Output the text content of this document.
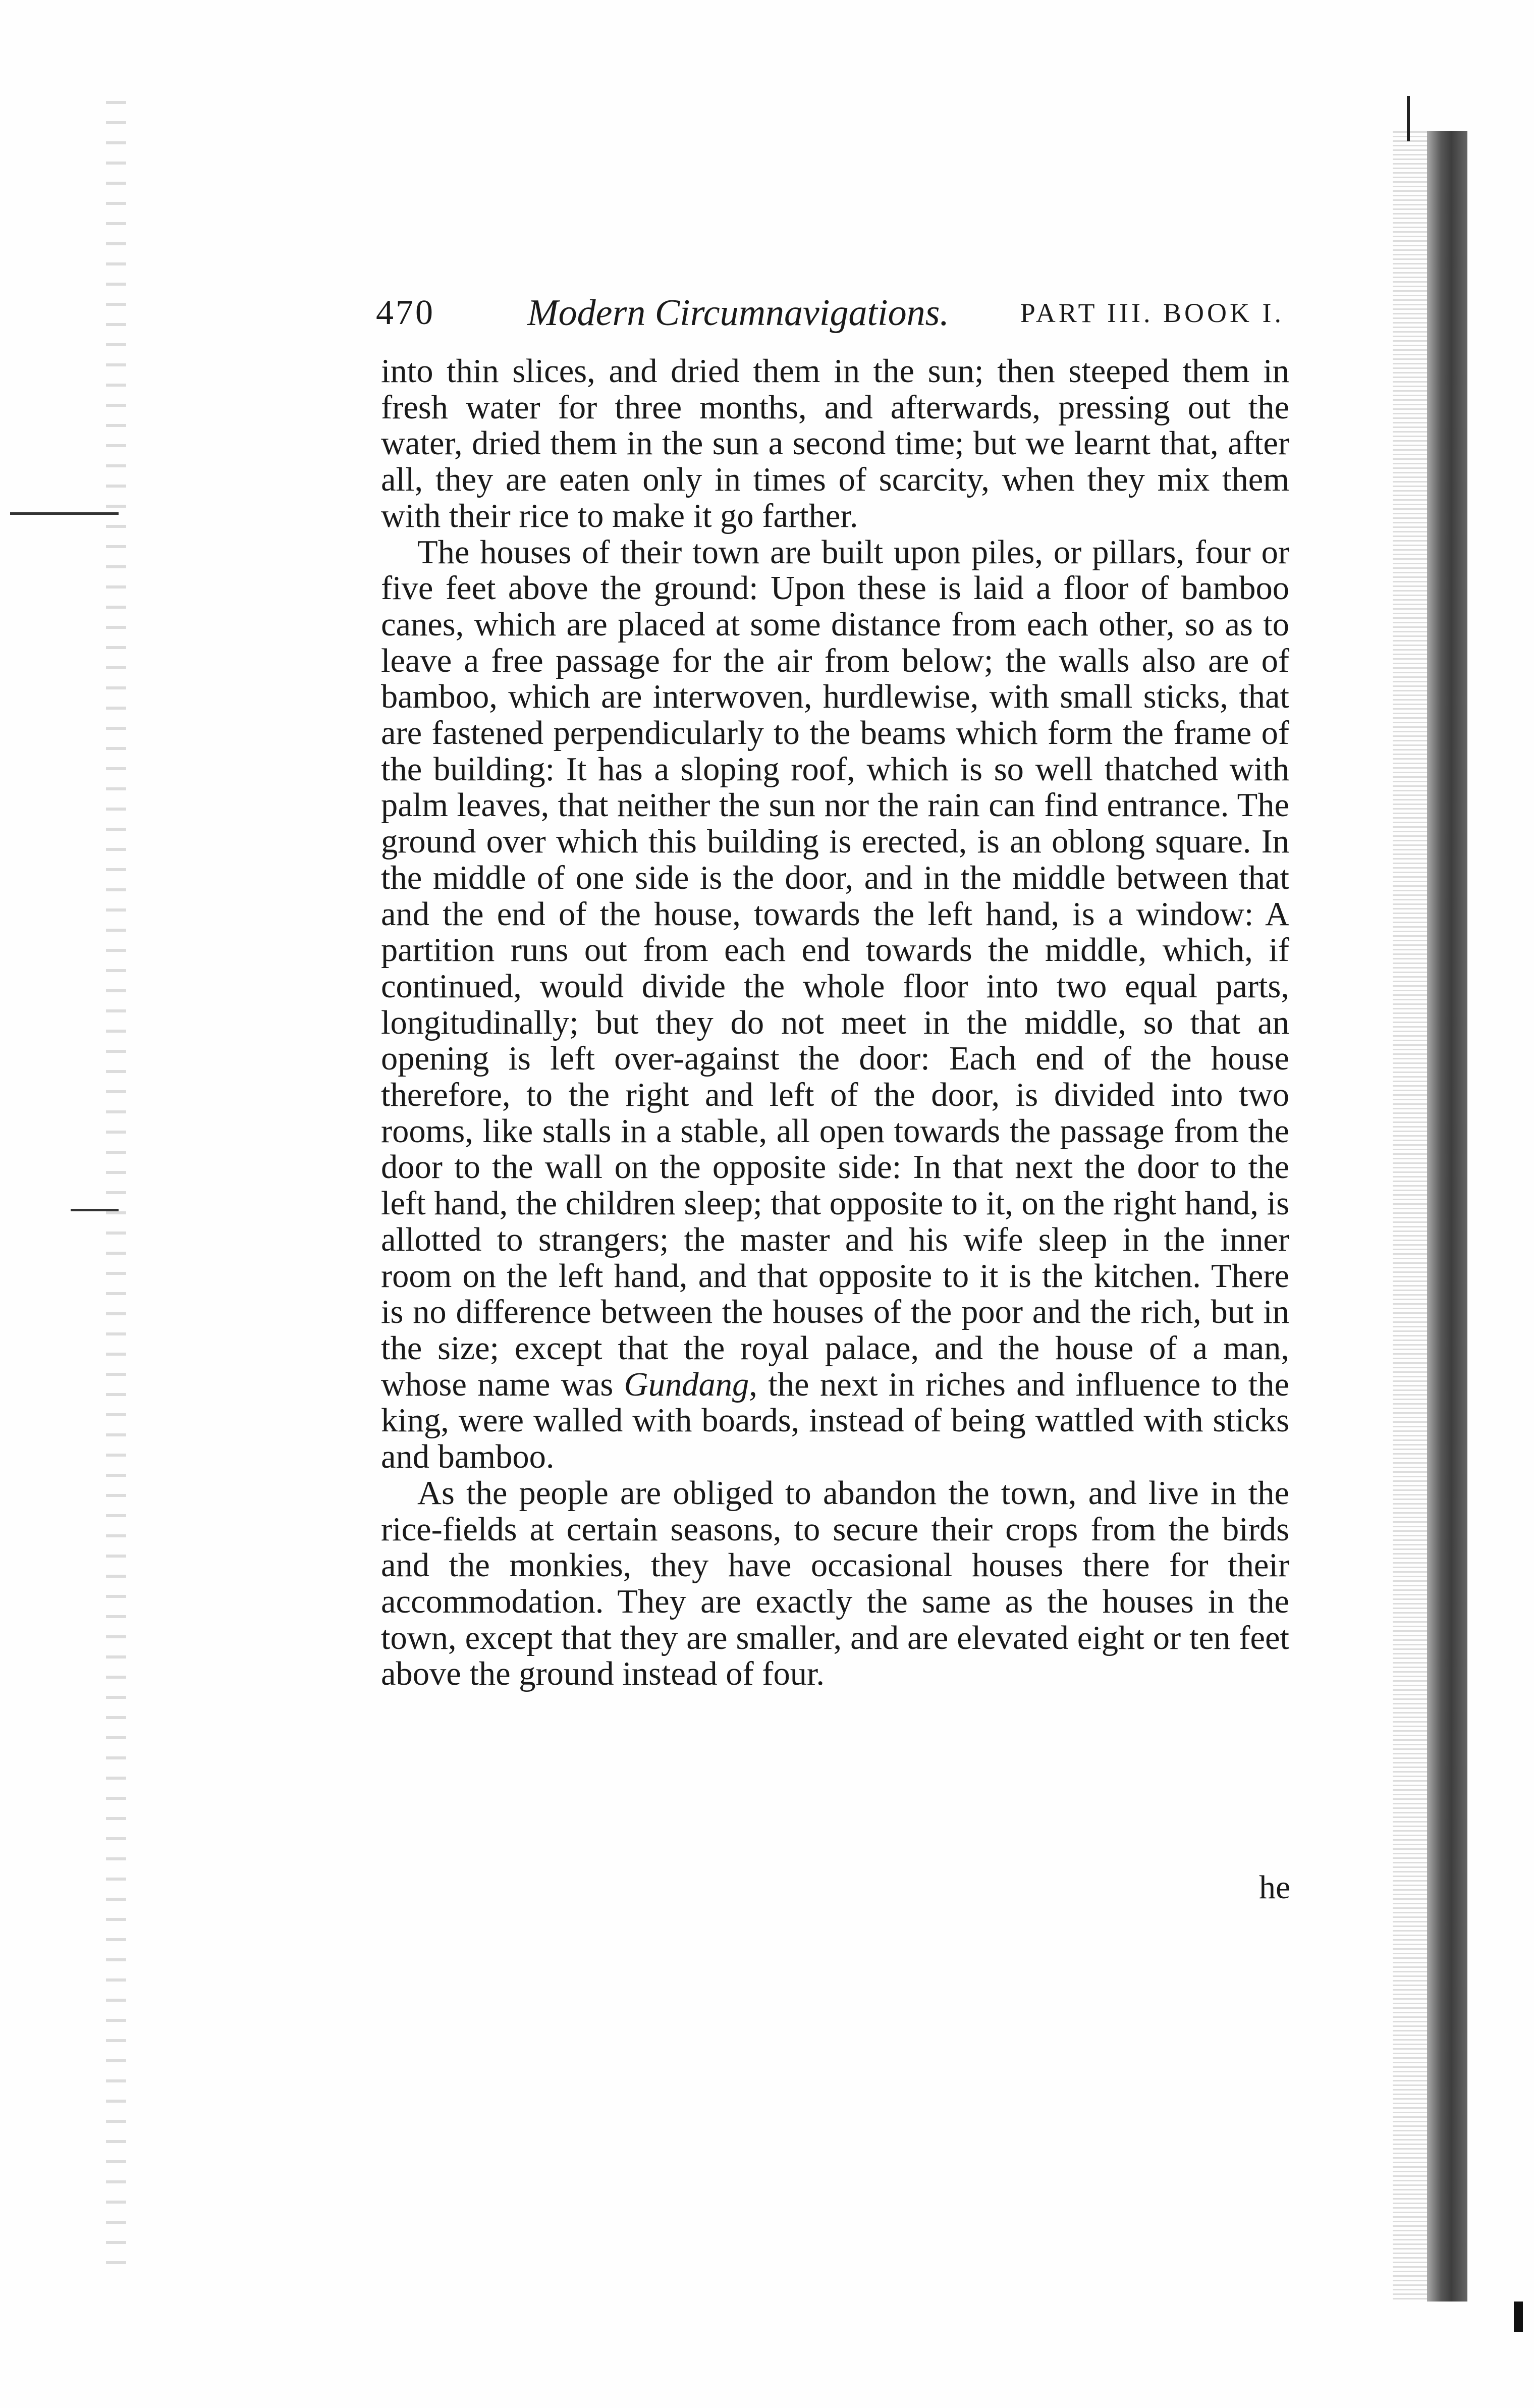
470 Modern Circumnavigations.	PART III. BOOK I.

into thin slices, and dried them in the sun; then steeped them in fresh water for three months, and afterwards, pressing out the water, dried them in the sun a second time; but we learnt that, after all, they are eaten only in times of scarcity, when they mix them with their rice to make it go farther.

The houses of their town are built upon piles, or pillars, four or five feet above the ground: Upon these is laid a floor of bamboo canes, which are placed at some distance from each other, so as to leave a free passage for the air from below; the walls also are of bamboo, which are interwoven, hurdlewise, with small sticks, that are fastened perpendicularly to the beams which form the frame of the building: It has a sloping roof, which is so well thatched with palm leaves, that neither the sun nor the rain can find entrance. The ground over which this building is erected, is an oblong square. In the middle of one side is the door, and in the middle between that and the end of the house, towards the left hand, is a window: A partition runs out from each end towards the middle, which, if continued, would divide the whole floor into two equal parts, longitudinally; but they do not meet in the middle, so that an opening is left over-against the door: Each end of the house therefore, to the right and left of the door, is divided into two rooms, like stalls in a stable, all open towards the passage from the door to the wall on the opposite side: In that next the door to the left hand, the children sleep; that opposite to it, on the right hand, is allotted to strangers; the master and his wife sleep in the inner room on the left hand, and that opposite to it is the kitchen. There is no difference between the houses of the poor and the rich, but in the size; except that the royal palace, and the house of a man, whose name was Gundang, the next in riches and influence to the king, were walled with boards, instead of being wattled with sticks and bamboo.

As the people are obliged to abandon the town, and live in the rice-fields at certain seasons, to secure their crops from the birds and the monkies, they have occasional houses there for their accommodation. They are exactly the same as the houses in the town, except that they are smaller, and are elevated eight or ten feet above the ground instead of four.

he
